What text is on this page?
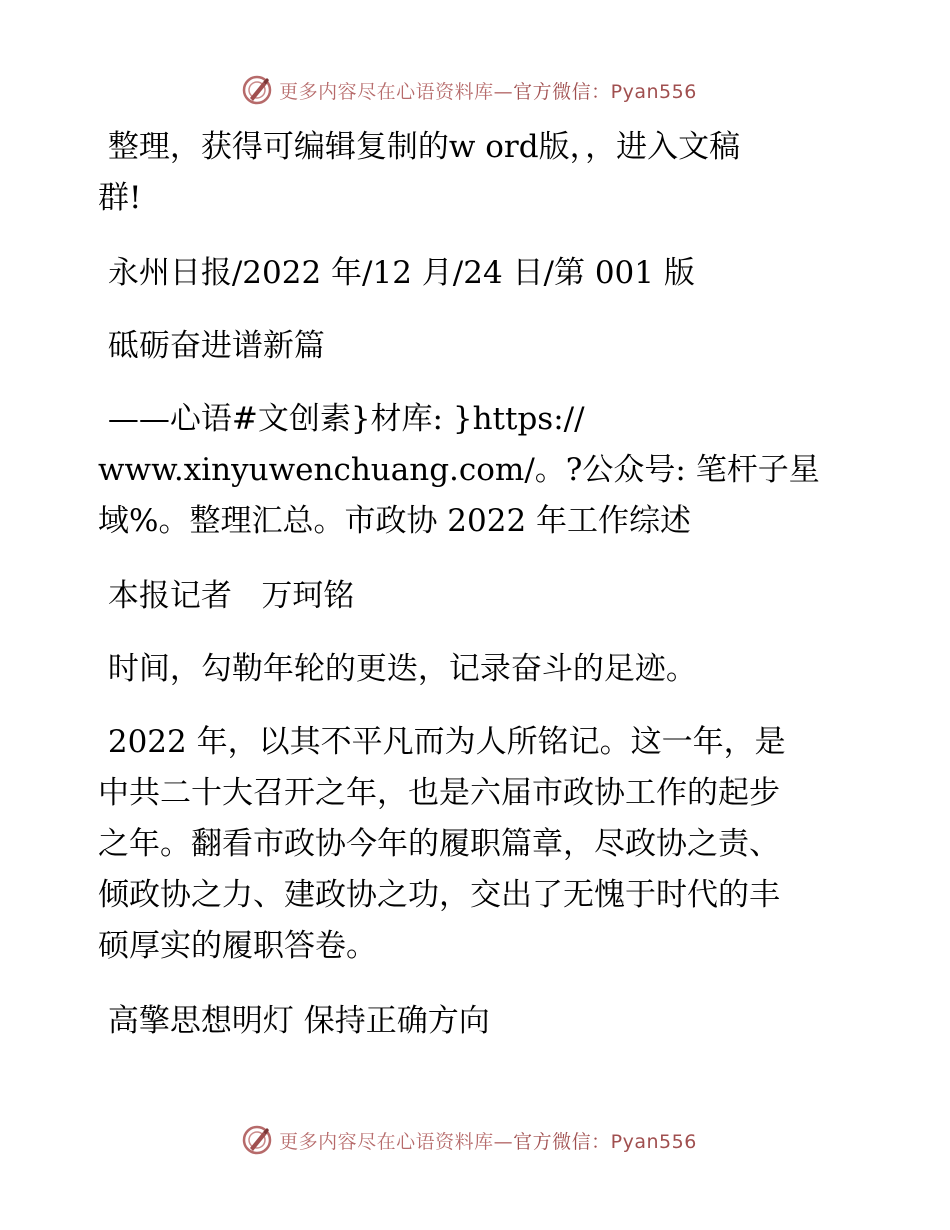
更多内容尽在心语资料库—官方微信：Pyan556

整理，获得可编辑复制的w ord版，，进入文稿
群!

永州日报/2022 年/12 月/24 日/第 001 版

砥砺奋进谱新篇

——心语#文创素}材库: }https://
www.xinyuwenchuang.com/。?公众号: 笔杆子星
域%。整理汇总。市政协 2022 年工作综述

本报记者   万珂铭

时间，勾勒年轮的更迭，记录奋斗的足迹。

2022 年，以其不平凡而为人所铭记。这一年，是
中共二十大召开之年，也是六届市政协工作的起步
之年。翻看市政协今年的履职篇章，尽政协之责、
倾政协之力、建政协之功，交出了无愧于时代的丰
硕厚实的履职答卷。

高擎思想明灯 保持正确方向

更多内容尽在心语资料库—官方微信：Pyan556
